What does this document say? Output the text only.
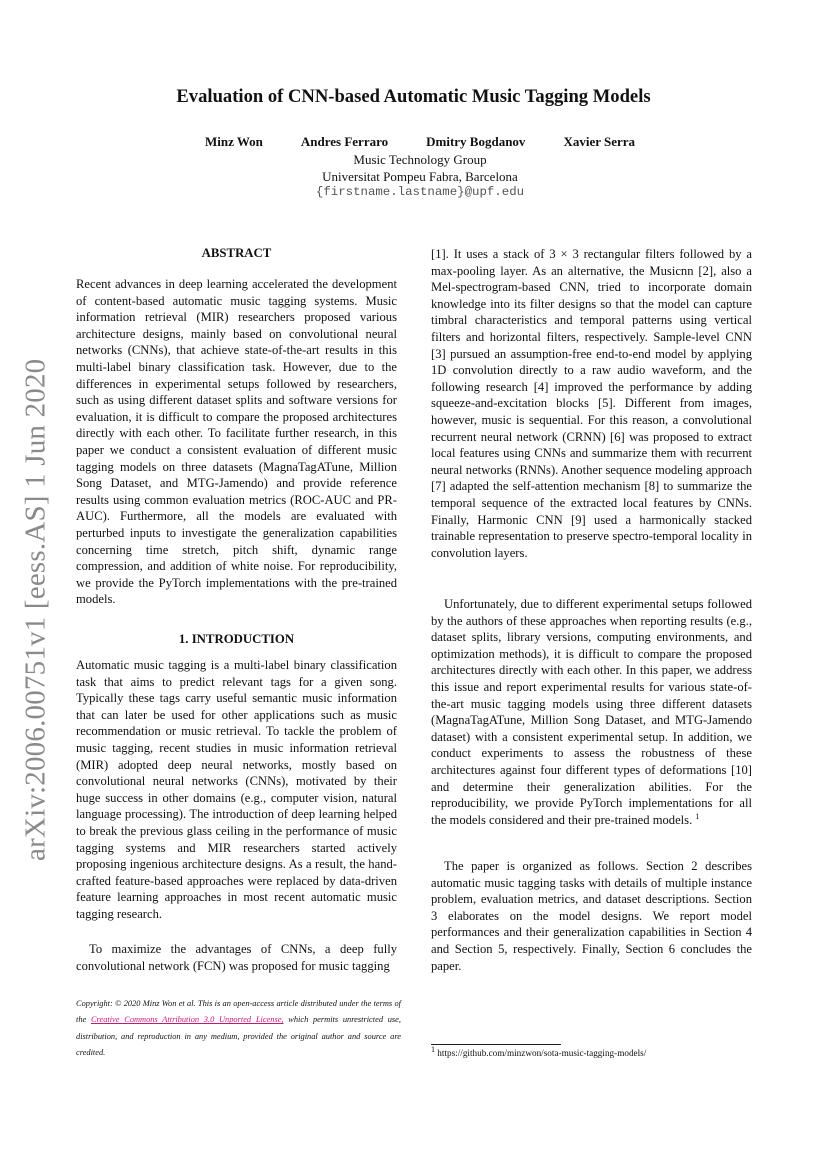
arXiv:2006.00751v1 [eess.AS] 1 Jun 2020
Evaluation of CNN-based Automatic Music Tagging Models
Minz Won	Andres Ferraro	Dmitry Bogdanov	Xavier Serra
Music Technology Group
Universitat Pompeu Fabra, Barcelona
{firstname.lastname}@upf.edu
ABSTRACT

Recent advances in deep learning accelerated the development of content-based automatic music tagging systems. Music information retrieval (MIR) researchers proposed various architecture designs, mainly based on convolutional neural networks (CNNs), that achieve state-of-the-art results in this multi-label binary classification task. However, due to the differences in experimental setups followed by researchers, such as using different dataset splits and software versions for evaluation, it is difficult to compare the proposed architectures directly with each other. To facilitate further research, in this paper we conduct a consistent evaluation of different music tagging models on three datasets (MagnaTagATune, Million Song Dataset, and MTG-Jamendo) and provide reference results using common evaluation metrics (ROC-AUC and PR-AUC). Furthermore, all the models are evaluated with perturbed inputs to investigate the generalization capabilities concerning time stretch, pitch shift, dynamic range compression, and addition of white noise. For reproducibility, we provide the PyTorch implementations with the pre-trained models.

1. INTRODUCTION

Automatic music tagging is a multi-label binary classification task that aims to predict relevant tags for a given song. Typically these tags carry useful semantic music information that can later be used for other applications such as music recommendation or music retrieval. To tackle the problem of music tagging, recent studies in music information retrieval (MIR) adopted deep neural networks, mostly based on convolutional neural networks (CNNs), motivated by their huge success in other domains (e.g., computer vision, natural language processing). The introduction of deep learning helped to break the previous glass ceiling in the performance of music tagging systems and MIR researchers started actively proposing ingenious architecture designs. As a result, the hand-crafted feature-based approaches were replaced by data-driven feature learning approaches in most recent automatic music tagging research.

To maximize the advantages of CNNs, a deep fully convolutional network (FCN) was proposed for music tagging

[1]. It uses a stack of 3 × 3 rectangular filters followed by a max-pooling layer. As an alternative, the Musicnn [2], also a Mel-spectrogram-based CNN, tried to incorporate domain knowledge into its filter designs so that the model can capture timbral characteristics and temporal patterns using vertical filters and horizontal filters, respectively. Sample-level CNN [3] pursued an assumption-free end-to-end model by applying 1D convolution directly to a raw audio waveform, and the following research [4] improved the performance by adding squeeze-and-excitation blocks [5]. Different from images, however, music is sequential. For this reason, a convolutional recurrent neural network (CRNN) [6] was proposed to extract local features using CNNs and summarize them with recurrent neural networks (RNNs). Another sequence modeling approach [7] adapted the self-attention mechanism [8] to summarize the temporal sequence of the extracted local features by CNNs. Finally, Harmonic CNN [9] used a harmonically stacked trainable representation to preserve spectro-temporal locality in convolution layers.

Unfortunately, due to different experimental setups followed by the authors of these approaches when reporting results (e.g., dataset splits, library versions, computing environments, and optimization methods), it is difficult to compare the proposed architectures directly with each other. In this paper, we address this issue and report experimental results for various state-of-the-art music tagging models using three different datasets (MagnaTagATune, Million Song Dataset, and MTG-Jamendo dataset) with a consistent experimental setup. In addition, we conduct experiments to assess the robustness of these architectures against four different types of deformations [10] and determine their generalization abilities. For the reproducibility, we provide PyTorch implementations for all the models considered and their pre-trained models. $^1$

The paper is organized as follows. Section 2 describes automatic music tagging tasks with details of multiple instance problem, evaluation metrics, and dataset descriptions. Section 3 elaborates on the model designs. We report model performances and their generalization capabilities in Section 4 and Section 5, respectively. Finally, Section 6 concludes the paper.

Copyright: © 2020 Minz Won et al. This is an open-access article distributed under the terms of the Creative Commons Attribution 3.0 Unported License, which permits unrestricted use, distribution, and reproduction in any medium, provided the original author and source are credited.	$^1$ https://github.com/minzwon/sota-music-tagging-models/
